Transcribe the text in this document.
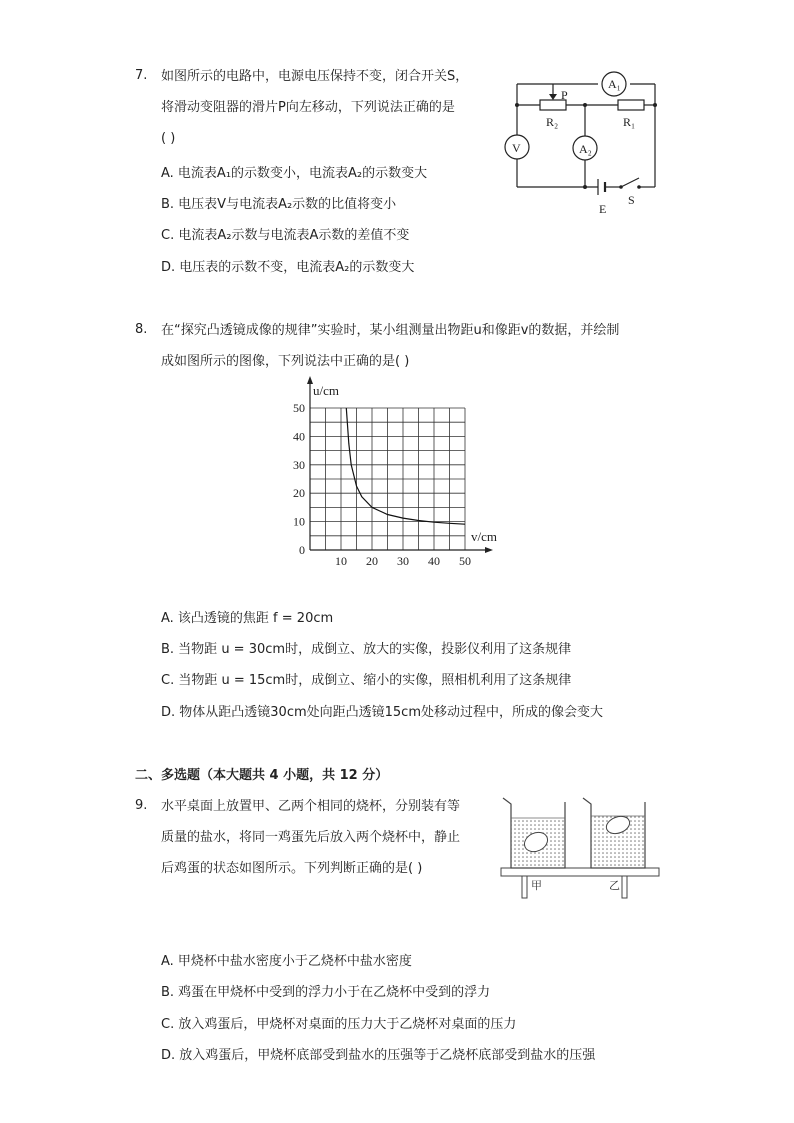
7. 如图所示的电路中，电源电压保持不变，闭合开关S，
将滑动变阻器的滑片P向左移动，下列说法正确的是
( )
A. 电流表A₁的示数变小，电流表A₂的示数变大
B. 电压表V与电流表A₂示数的比值将变小
C. 电流表A₂示数与电流表A示数的差值不变
D. 电压表的示数不变，电流表A₂的示数变大
A₁
V	A₂
P
R₂	R₁
E
S
8. 在“探究凸透镜成像的规律”实验时，某小组测量出物距u和像距v的数据，并绘制
成如图所示的图像，下列说法中正确的是( )
10 20 30 40 50
0
10
20
30
40
50
u/cm
v/cm
A. 该凸透镜的焦距 f = 20cm
B. 当物距 u = 30cm时，成倒立、放大的实像，投影仪利用了这条规律
C. 当物距 u = 15cm时，成倒立、缩小的实像，照相机利用了这条规律
D. 物体从距凸透镜30cm处向距凸透镜15cm处移动过程中，所成的像会变大
二、多选题（本大题共 4 小题，共 12 分）
9. 水平桌面上放置甲、乙两个相同的烧杯，分别装有等
质量的盐水，将同一鸡蛋先后放入两个烧杯中，静止
后鸡蛋的状态如图所示。下列判断正确的是( )
甲	乙
A. 甲烧杯中盐水密度小于乙烧杯中盐水密度
B. 鸡蛋在甲烧杯中受到的浮力小于在乙烧杯中受到的浮力
C. 放入鸡蛋后，甲烧杯对桌面的压力大于乙烧杯对桌面的压力
D. 放入鸡蛋后，甲烧杯底部受到盐水的压强等于乙烧杯底部受到盐水的压强
